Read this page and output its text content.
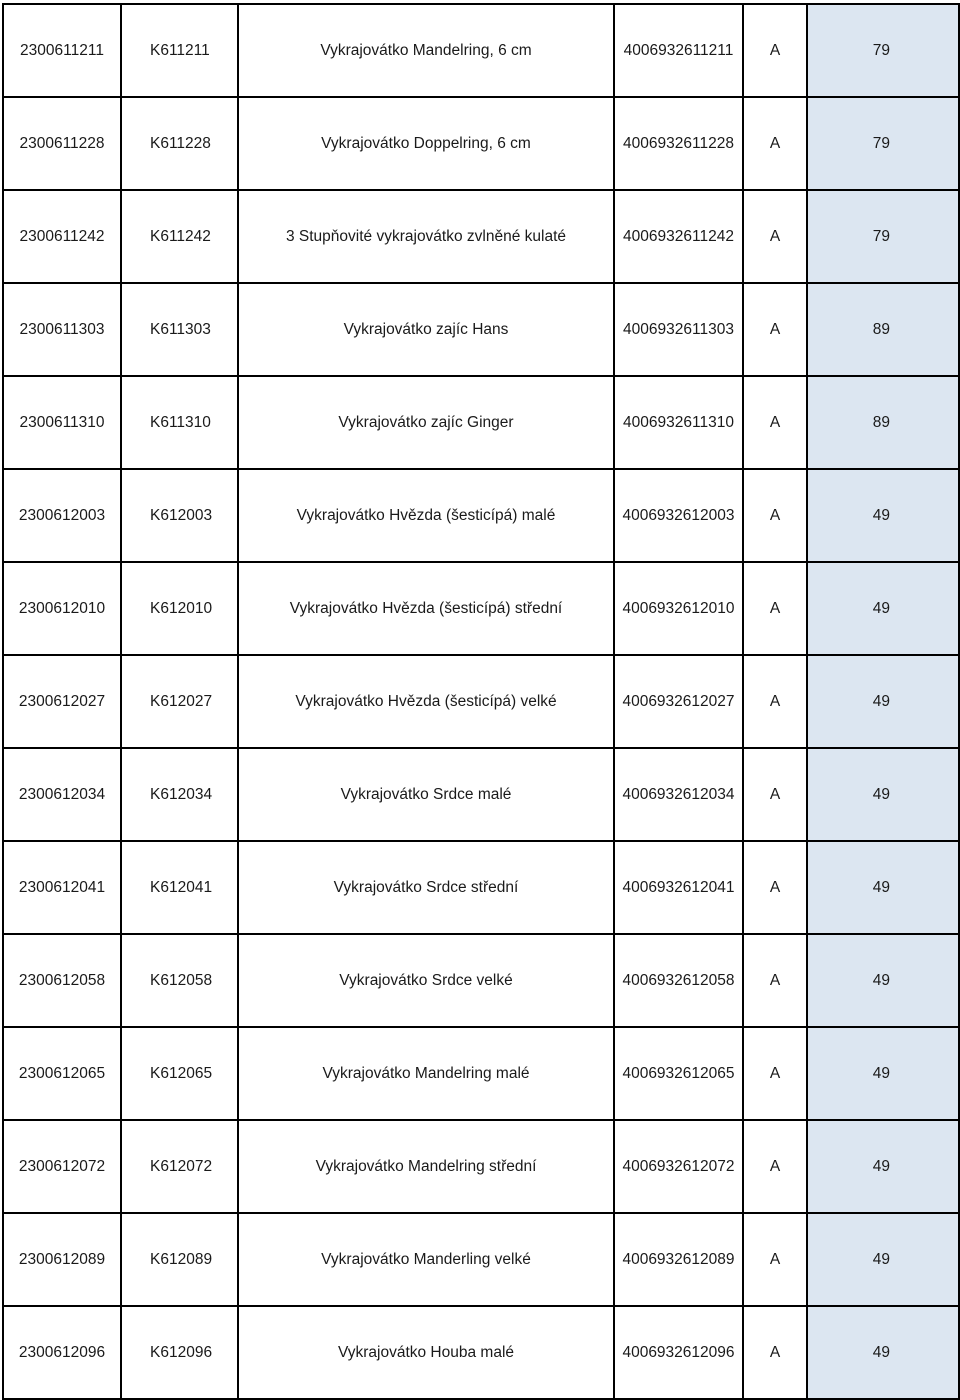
2300611211	K611211	Vykrajovátko Mandelring, 6 cm	4006932611211	A	79
2300611228	K611228	Vykrajovátko Doppelring, 6 cm	4006932611228	A	79
2300611242	K611242	3 Stupňovité vykrajovátko zvlněné kulaté	4006932611242	A	79
2300611303	K611303	Vykrajovátko zajíc Hans	4006932611303	A	89
2300611310	K611310	Vykrajovátko zajíc Ginger	4006932611310	A	89
2300612003	K612003	Vykrajovátko Hvězda (šesticípá) malé	4006932612003	A	49
2300612010	K612010	Vykrajovátko Hvězda (šesticípá) střední	4006932612010	A	49
2300612027	K612027	Vykrajovátko Hvězda (šesticípá) velké	4006932612027	A	49
2300612034	K612034	Vykrajovátko Srdce malé	4006932612034	A	49
2300612041	K612041	Vykrajovátko Srdce střední	4006932612041	A	49
2300612058	K612058	Vykrajovátko Srdce velké	4006932612058	A	49
2300612065	K612065	Vykrajovátko Mandelring malé	4006932612065	A	49
2300612072	K612072	Vykrajovátko Mandelring střední	4006932612072	A	49
2300612089	K612089	Vykrajovátko Manderling velké	4006932612089	A	49
2300612096	K612096	Vykrajovátko Houba malé	4006932612096	A	49
